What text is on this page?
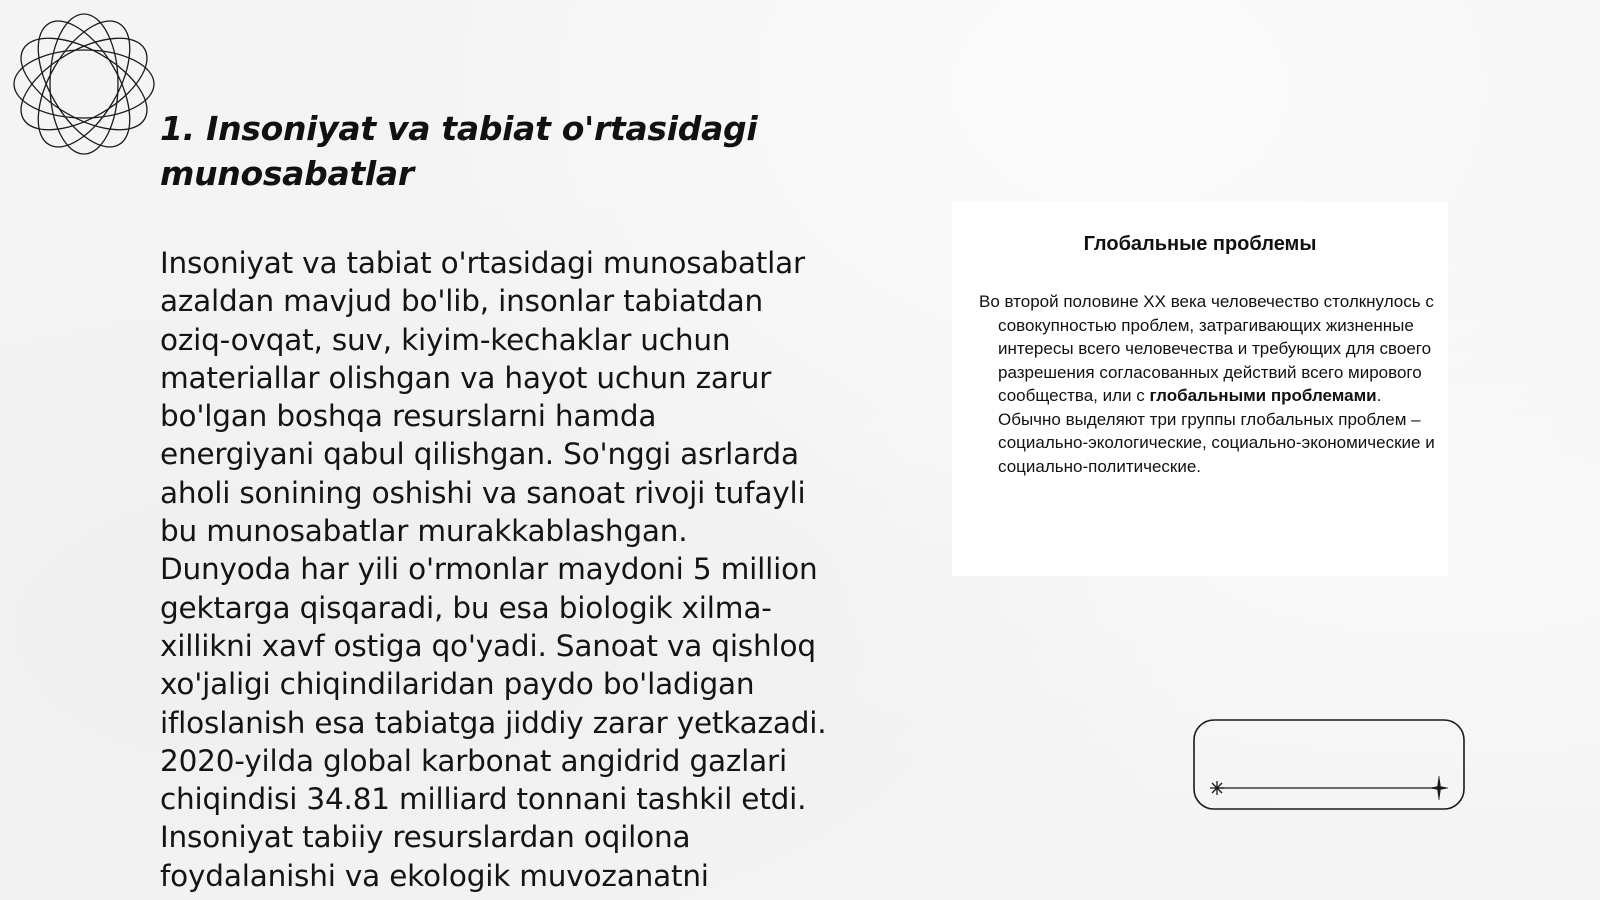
1. Insoniyat va tabiat o'rtasidagi munosabatlar

Insoniyat va tabiat o'rtasidagi munosabatlar
azaldan mavjud bo'lib, insonlar tabiatdan
oziq-ovqat, suv, kiyim-kechaklar uchun
materiallar olishgan va hayot uchun zarur
bo'lgan boshqa resurslarni hamda
energiyani qabul qilishgan. So'nggi asrlarda
aholi sonining oshishi va sanoat rivoji tufayli
bu munosabatlar murakkablashgan.
Dunyoda har yili o'rmonlar maydoni 5 million
gektarga qisqaradi, bu esa biologik xilma-
xillikni xavf ostiga qo'yadi. Sanoat va qishloq
xo'jaligi chiqindilaridan paydo bo'ladigan
ifloslanish esa tabiatga jiddiy zarar yetkazadi.
2020-yilda global karbonat angidrid gazlari
chiqindisi 34.81 milliard tonnani tashkil etdi.
Insoniyat tabiiy resurslardan oqilona
foydalanishi va ekologik muvozanatni

Глобальные проблемы

Во второй половине XX века человечество столкнулось с совокупностью проблем, затрагивающих жизненные интересы всего человечества и требующих для своего разрешения согласованных действий всего мирового сообщества, или с глобальными проблемами. Обычно выделяют три группы глобальных проблем – социально-экологические, социально-экономические и социально-политические.
